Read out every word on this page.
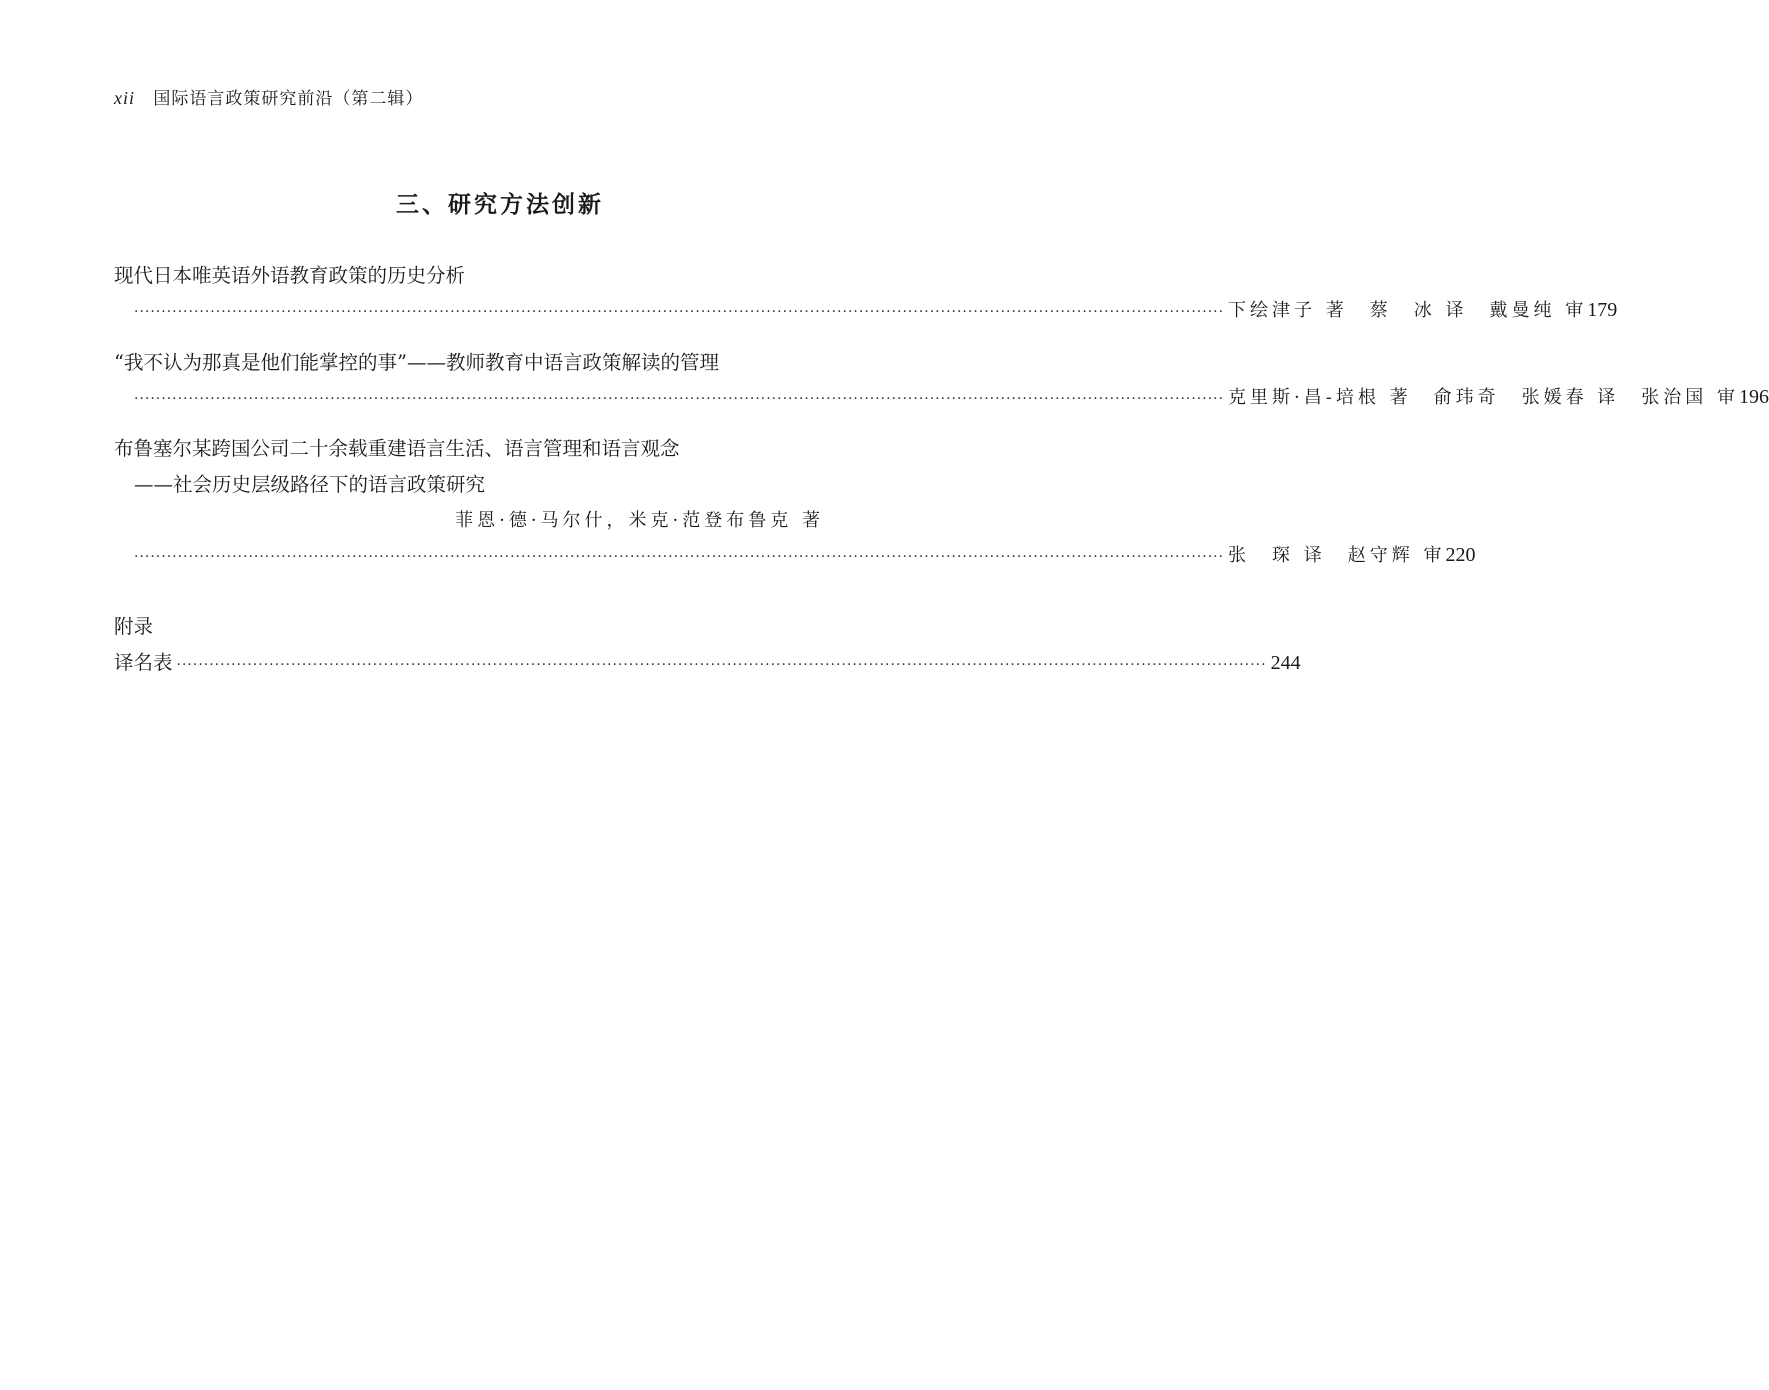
xii 国际语言政策研究前沿（第二辑）
三、研究方法创新
现代日本唯英语外语教育政策的历史分析
········································································································································································································ 下绘津子 著　蔡　冰 译　戴曼纯 审 179
“我不认为那真是他们能掌控的事”——教师教育中语言政策解读的管理
········································································································································································································ 克里斯·昌-培根 著　俞玮奇　张媛春 译　张治国 审 196
布鲁塞尔某跨国公司二十余载重建语言生活、语言管理和语言观念
——社会历史层级路径下的语言政策研究
菲恩·德·马尔什，米克·范登布鲁克 著
········································································································································································································ 张　琛 译　赵守辉 审 220
附录
译名表 ········································································································································································································ 244
